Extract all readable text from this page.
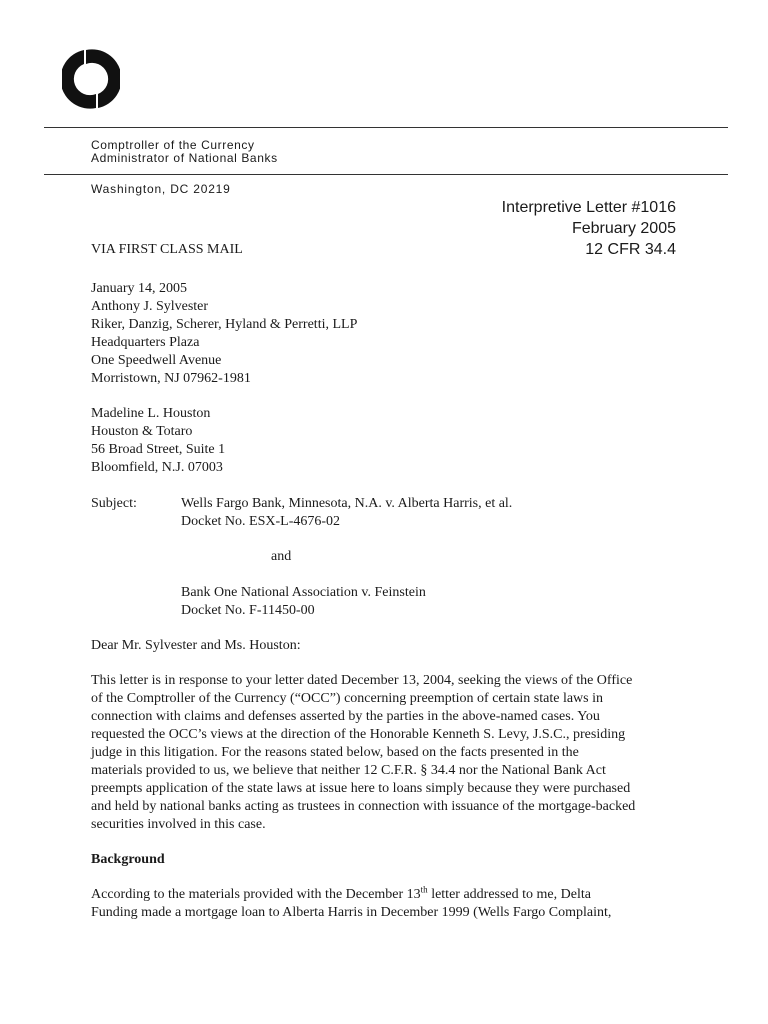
Comptroller of the Currency
Administrator of National Banks
Washington, DC 20219
Interpretive Letter #1016
February 2005
12 CFR 34.4
VIA FIRST CLASS MAIL
January 14, 2005
Anthony J. Sylvester
Riker, Danzig, Scherer, Hyland & Perretti, LLP
Headquarters Plaza
One Speedwell Avenue
Morristown, NJ 07962-1981
Madeline L. Houston
Houston & Totaro
56 Broad Street, Suite 1
Bloomfield, N.J. 07003
Subject:	Wells Fargo Bank, Minnesota, N.A. v. Alberta Harris, et al.
Docket No. ESX-L-4676-02
and
Bank One National Association v. Feinstein
Docket No. F-11450-00
Dear Mr. Sylvester and Ms. Houston:
This letter is in response to your letter dated December 13, 2004, seeking the views of the Office
of the Comptroller of the Currency (“OCC”) concerning preemption of certain state laws in
connection with claims and defenses asserted by the parties in the above-named cases. You
requested the OCC’s views at the direction of the Honorable Kenneth S. Levy, J.S.C., presiding
judge in this litigation. For the reasons stated below, based on the facts presented in the
materials provided to us, we believe that neither 12 C.F.R. § 34.4 nor the National Bank Act
preempts application of the state laws at issue here to loans simply because they were purchased
and held by national banks acting as trustees in connection with issuance of the mortgage-backed
securities involved in this case.
Background
According to the materials provided with the December 13th letter addressed to me, Delta
Funding made a mortgage loan to Alberta Harris in December 1999 (Wells Fargo Complaint,
